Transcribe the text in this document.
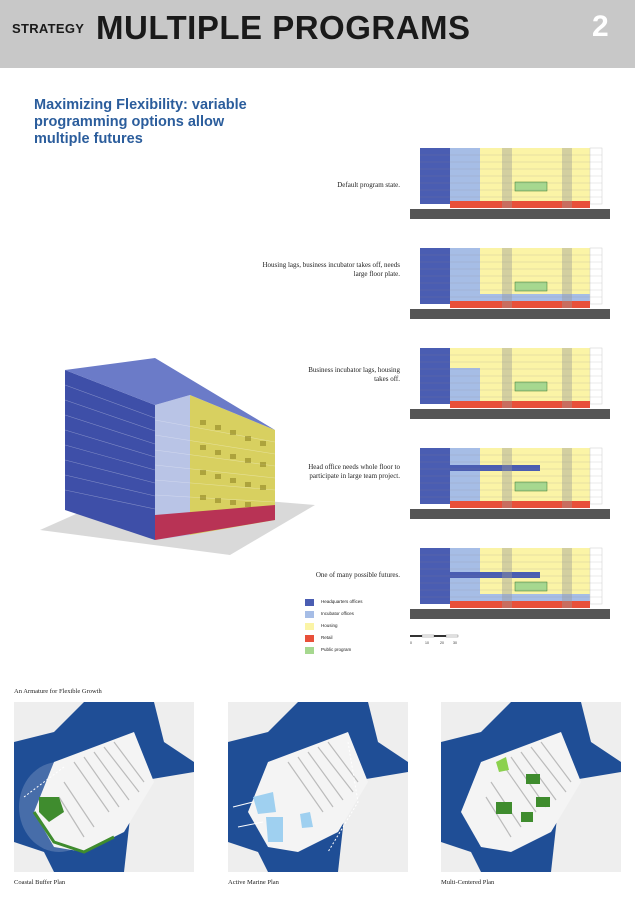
STRATEGY MULTIPLE PROGRAMS	2
Maximizing Flexibility: variable programming options allow multiple futures
Default program state.
Housing lags, business incubator takes off, needs large floor plate.
Business incubator lags, housing takes off.
Head office needs whole floor to participate in large team project.
One of many possible futures.
Headquarters offices
Incubator offices
Housing
Retail
Public program
0	10	20	30
An Armature for Flexible Growth
Coastal Buffer Plan	Active Marine Plan	Multi-Centered Plan
